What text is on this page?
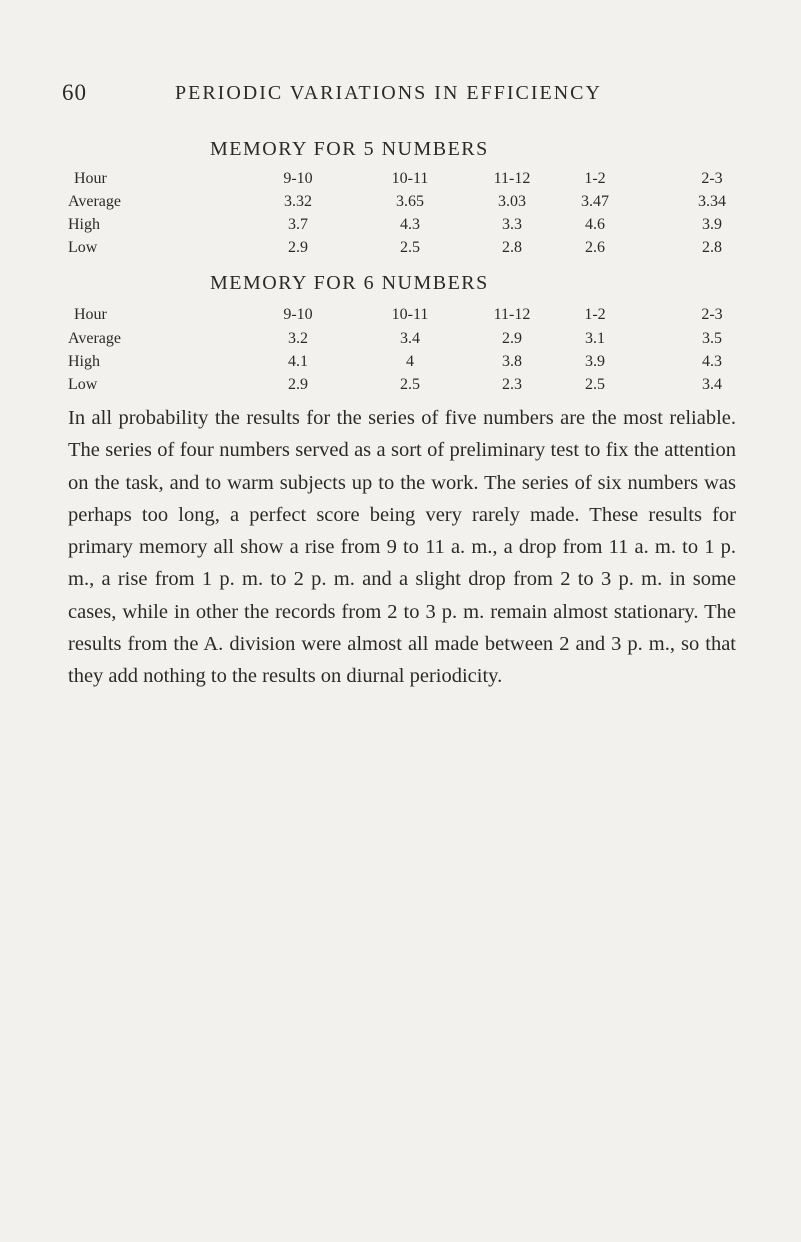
60	PERIODIC VARIATIONS IN EFFICIENCY
MEMORY FOR 5 NUMBERS
Hour	9-10	10-11	11-12	1-2	2-3
Average	3.32	3.65	3.03	3.47	3.34
High	3.7	4.3	3.3	4.6	3.9
Low	2.9	2.5	2.8	2.6	2.8
MEMORY FOR 6 NUMBERS
Hour	9-10	10-11	11-12	1-2	2-3
Average	3.2	3.4	2.9	3.1	3.5
High	4.1	4	3.8	3.9	4.3
Low	2.9	2.5	2.3	2.5	3.4

In all probability the results for the series of five numbers are the most reliable. The series of four numbers served as a sort of preliminary test to fix the attention on the task, and to warm subjects up to the work. The series of six numbers was perhaps too long, a perfect score being very rarely made. These results for primary memory all show a rise from 9 to 11 a. m., a drop from 11 a. m. to 1 p. m., a rise from 1 p. m. to 2 p. m. and a slight drop from 2 to 3 p. m. in some cases, while in other the records from 2 to 3 p. m. remain almost stationary. The results from the A. division were almost all made between 2 and 3 p. m., so that they add nothing to the results on diurnal periodicity.
